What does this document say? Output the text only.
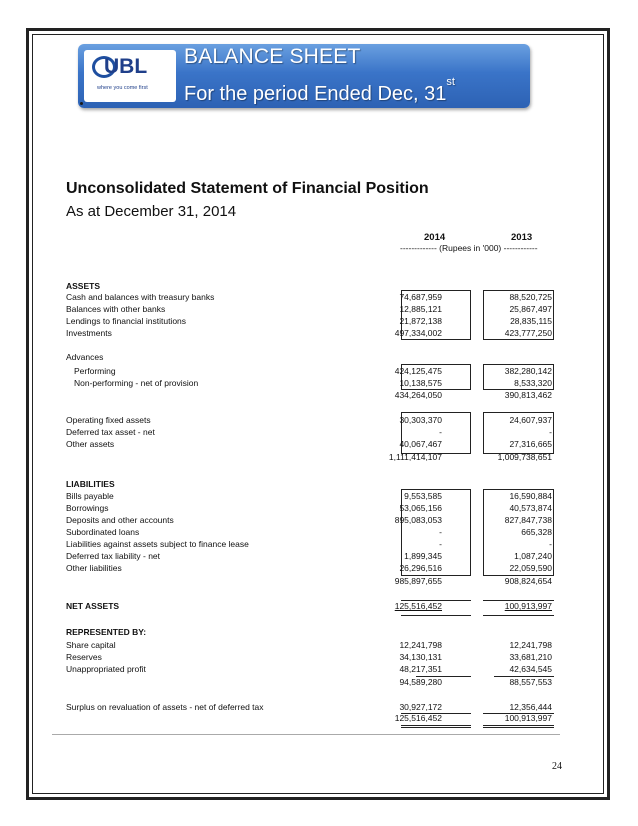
UBL
where you come first
BALANCE SHEET
For the period Ended Dec, 31st
Unconsolidated Statement of Financial Position
As at December 31, 2014
2014	2013
------------- (Rupees in '000) ------------
ASSETS
Cash and balances with treasury banks	74,687,959	88,520,725
Balances with other banks	12,885,121	25,867,497
Lendings to financial institutions	21,872,138	28,835,115
Investments	497,334,002	423,777,250
Advances
Performing	424,125,475	382,280,142
Non-performing - net of provision	10,138,575	8,533,320
434,264,050	390,813,462
Operating fixed assets	30,303,370	24,607,937
Deferred tax asset - net	-	-
Other assets	40,067,467	27,316,665
1,111,414,107	1,009,738,651
LIABILITIES
Bills payable	9,553,585	16,590,884
Borrowings	53,065,156	40,573,874
Deposits and other accounts	895,083,053	827,847,738
Subordinated loans	-	665,328
Liabilities against assets subject to finance lease	-	-
Deferred tax liability - net	1,899,345	1,087,240
Other liabilities	26,296,516	22,059,590
985,897,655	908,824,654
NET ASSETS	125,516,452	100,913,997
REPRESENTED BY:
Share capital	12,241,798	12,241,798
Reserves	34,130,131	33,681,210
Unappropriated profit	48,217,351	42,634,545
94,589,280	88,557,553
Surplus on revaluation of assets - net of deferred tax	30,927,172	12,356,444
125,516,452	100,913,997
24
